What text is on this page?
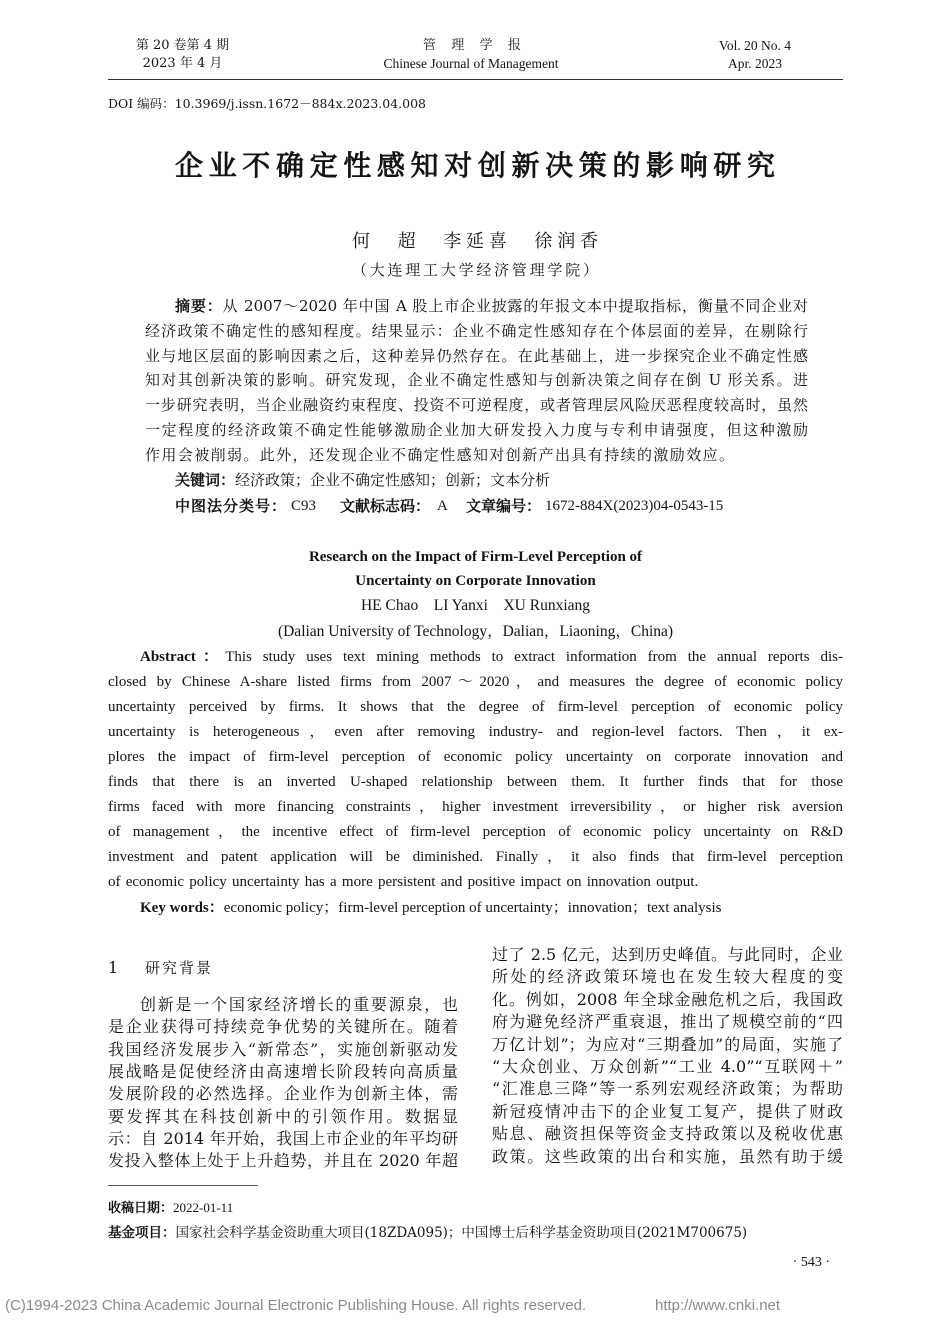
第 20 卷第 4 期
2023 年 4 月
管 理 学 报
Chinese Journal of Management
Vol. 20 No. 4
Apr. 2023
DOI 编码：10.3969/j.issn.1672－884x.2023.04.008
企业不确定性感知对创新决策的影响研究
何　超　李延喜　徐润香
（大连理工大学经济管理学院）
摘要：从 2007～2020 年中国 A 股上市企业披露的年报文本中提取指标，衡量不同企业对
经济政策不确定性的感知程度。结果显示：企业不确定性感知存在个体层面的差异，在剔除行
业与地区层面的影响因素之后，这种差异仍然存在。在此基础上，进一步探究企业不确定性感
知对其创新决策的影响。研究发现，企业不确定性感知与创新决策之间存在倒 U 形关系。进
一步研究表明，当企业融资约束程度、投资不可逆程度，或者管理层风险厌恶程度较高时，虽然
一定程度的经济政策不确定性能够激励企业加大研发投入力度与专利申请强度，但这种激励
作用会被削弱。此外，还发现企业不确定性感知对创新产出具有持续的激励效应。
关键词：经济政策；企业不确定性感知；创新；文本分析
中图法分类号： C93	文献标志码： A	文章编号： 1672-884X(2023)04-0543-15
Research on the Impact of Firm-Level Perception of
Uncertainty on Corporate Innovation
HE Chao　LI Yanxi　XU Runxiang
(Dalian University of Technology，Dalian，Liaoning，China)
Abstract：This study uses text mining methods to extract information from the annual reports dis-
closed by Chinese A-share listed firms from 2007～2020，and measures the degree of economic policy
uncertainty perceived by firms. It shows that the degree of firm-level perception of economic policy
uncertainty is heterogeneous，even after removing industry- and region-level factors. Then，it ex-
plores the impact of firm-level perception of economic policy uncertainty on corporate innovation and
finds that there is an inverted U-shaped relationship between them. It further finds that for those
firms faced with more financing constraints，higher investment irreversibility，or higher risk aversion
of management，the incentive effect of firm-level perception of economic policy uncertainty on R&D
investment and patent application will be diminished. Finally，it also finds that firm-level perception
of economic policy uncertainty has a more persistent and positive impact on innovation output.
Key words：economic policy；firm-level perception of uncertainty；innovation；text analysis
1	研究背景
创新是一个国家经济增长的重要源泉，也
是企业获得可持续竞争优势的关键所在。随着
我国经济发展步入“新常态”，实施创新驱动发
展战略是促使经济由高速增长阶段转向高质量
发展阶段的必然选择。企业作为创新主体，需
要发挥其在科技创新中的引领作用。数据显
示：自 2014 年开始，我国上市企业的年平均研
发投入整体上处于上升趋势，并且在 2020 年超
过了 2.5 亿元，达到历史峰值。与此同时，企业
所处的经济政策环境也在发生较大程度的变
化。例如，2008 年全球金融危机之后，我国政
府为避免经济严重衰退，推出了规模空前的“四
万亿计划”；为应对“三期叠加”的局面，实施了
“大众创业、万众创新”“工业 4.0”“互联网＋”
“汇准息三降”等一系列宏观经济政策；为帮助
新冠疫情冲击下的企业复工复产，提供了财政
贴息、融资担保等资金支持政策以及税收优惠
政策。这些政策的出台和实施，虽然有助于缓
收稿日期：2022-01-11
基金项目：国家社会科学基金资助重大项目(18ZDA095)；中国博士后科学基金资助项目(2021M700675)
· 543 ·
(C)1994-2023 China Academic Journal Electronic Publishing House. All rights reserved.	http://www.cnki.net
